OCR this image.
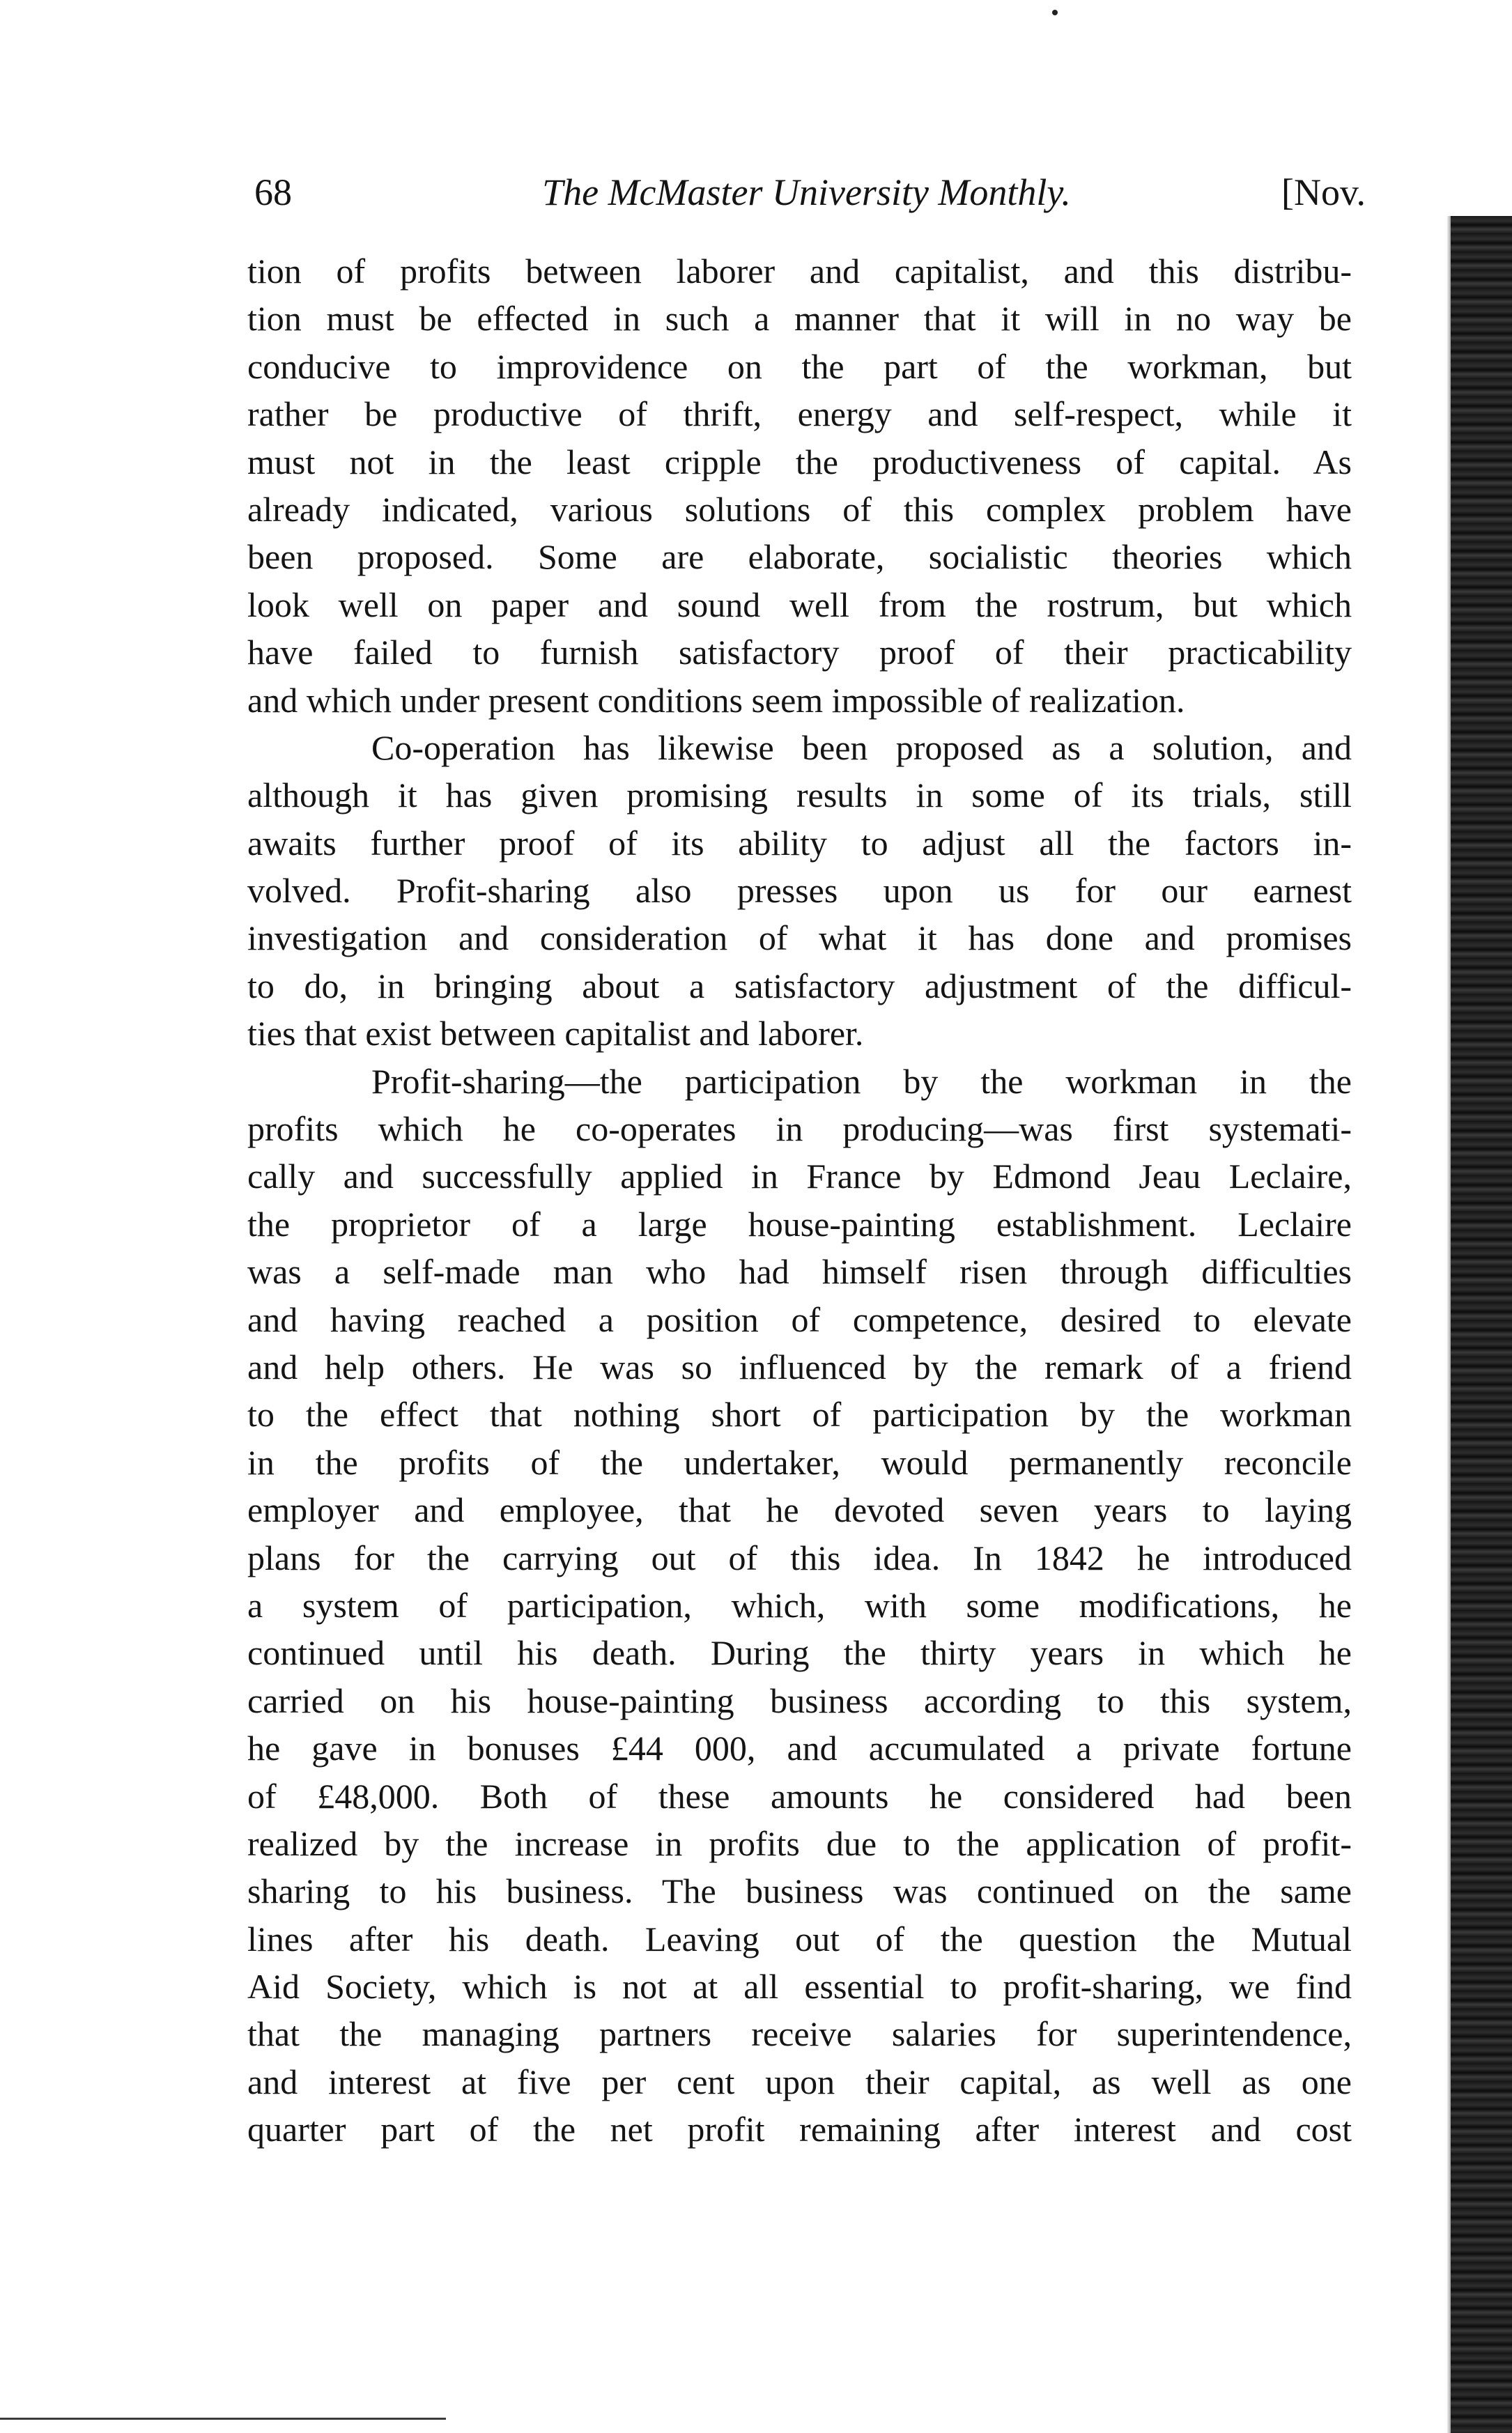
68	The McMaster University Monthly.	[Nov.
tion of profits between laborer and capitalist, and this distribu-
tion must be effected in such a manner that it will in no way be
conducive to improvidence on the part of the workman, but
rather be productive of thrift, energy and self-respect, while it
must not in the least cripple the productiveness of capital. As
already indicated, various solutions of this complex problem have
been proposed. Some are elaborate, socialistic theories which
look well on paper and sound well from the rostrum, but which
have failed to furnish satisfactory proof of their practicability
and which under present conditions seem impossible of realization.
Co-operation has likewise been proposed as a solution, and
although it has given promising results in some of its trials, still
awaits further proof of its ability to adjust all the factors in-
volved. Profit-sharing also presses upon us for our earnest
investigation and consideration of what it has done and promises
to do, in bringing about a satisfactory adjustment of the difficul-
ties that exist between capitalist and laborer.
Profit-sharing—the participation by the workman in the
profits which he co-operates in producing—was first systemati-
cally and successfully applied in France by Edmond Jeau Leclaire,
the proprietor of a large house-painting establishment. Leclaire
was a self-made man who had himself risen through difficulties
and having reached a position of competence, desired to elevate
and help others. He was so influenced by the remark of a friend
to the effect that nothing short of participation by the workman
in the profits of the undertaker, would permanently reconcile
employer and employee, that he devoted seven years to laying
plans for the carrying out of this idea. In 1842 he introduced
a system of participation, which, with some modifications, he
continued until his death. During the thirty years in which he
carried on his house-painting business according to this system,
he gave in bonuses £44 000, and accumulated a private fortune
of £48,000. Both of these amounts he considered had been
realized by the increase in profits due to the application of profit-
sharing to his business. The business was continued on the same
lines after his death. Leaving out of the question the Mutual
Aid Society, which is not at all essential to profit-sharing, we find
that the managing partners receive salaries for superintendence,
and interest at five per cent upon their capital, as well as one
quarter part of the net profit remaining after interest and cost
